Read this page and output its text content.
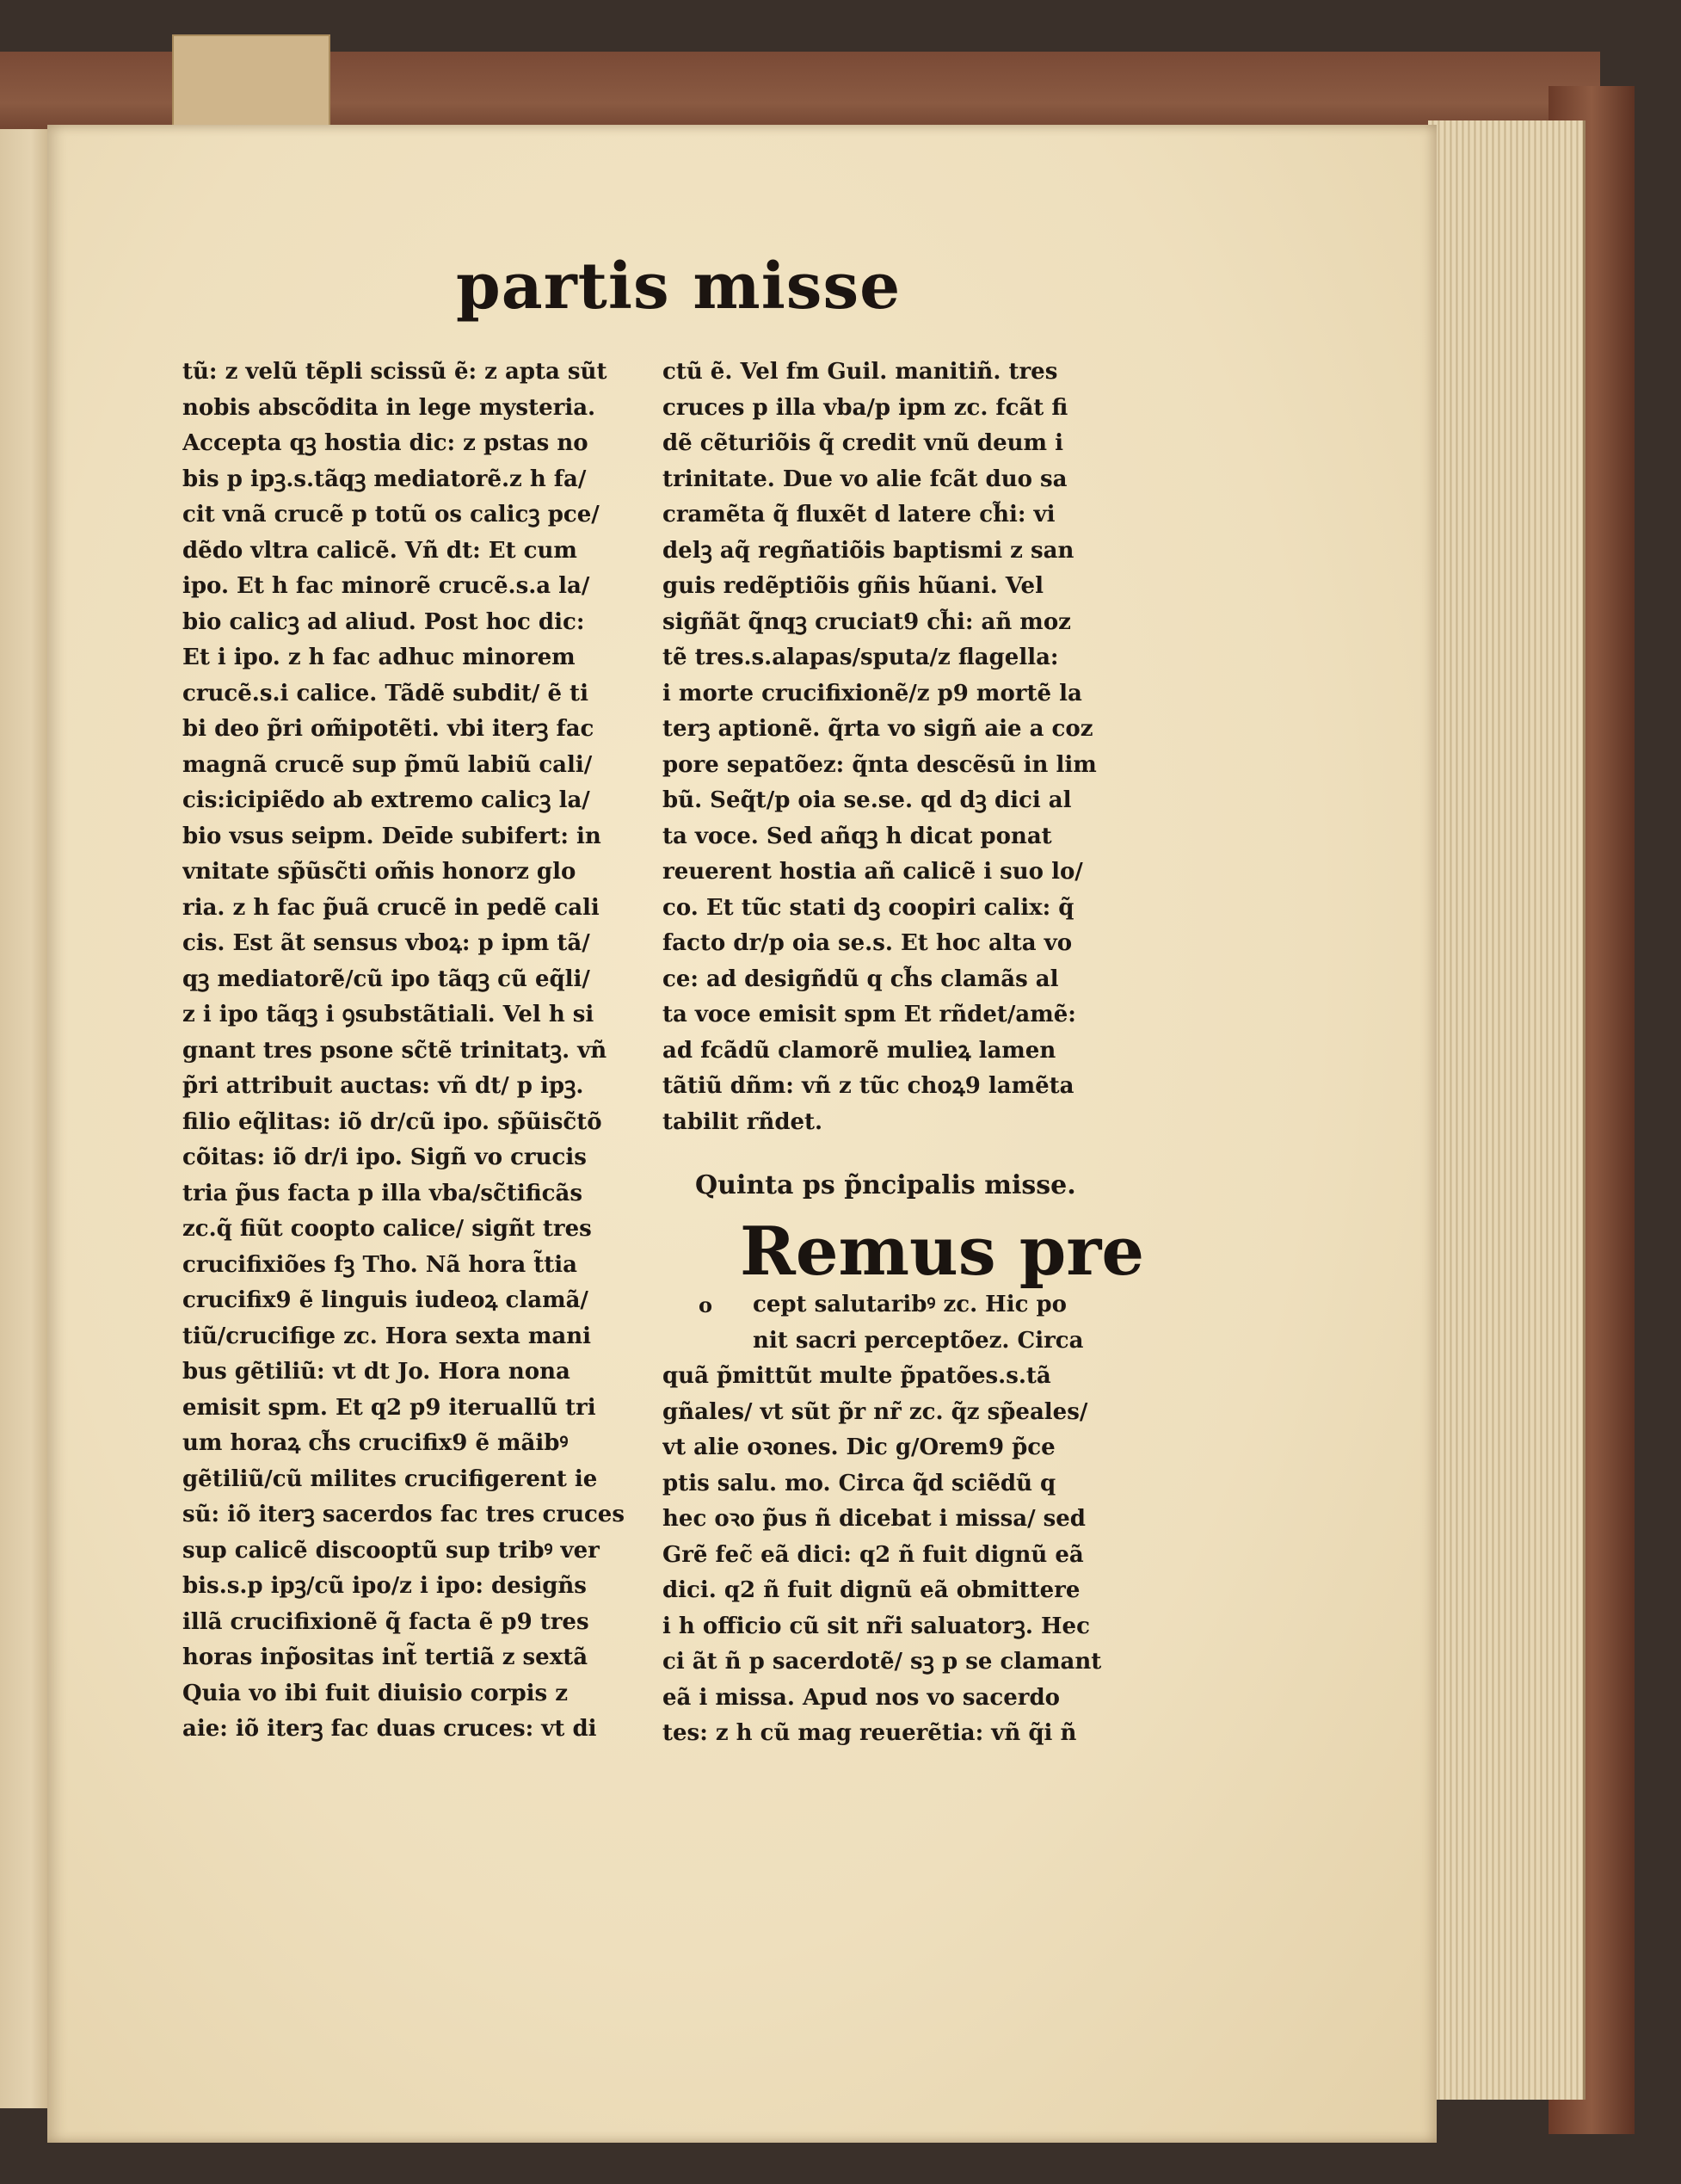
partis misse
tũ: z velũ tẽpli scissũ ẽ: z apta sũt
nobis abscõdita in lege mysteria.
Accepta qꝫ hostia dic: z pstas no
bis p ipꝫ.s.tãqꝫ mediatorẽ.z h fa/
cit vnã crucẽ p totũ os calicꝫ pce/
dẽdo vltra calicẽ. Vñ dt: Et cum
ipo. Et h fac minorẽ crucẽ.s.a la/
bio calicꝫ ad aliud. Post hoc dic:
Et i ipo. z h fac adhuc minorem
crucẽ.s.i calice. Tãdẽ subdit/ ẽ ti
bi deo p̃ri om̃ipotẽti. vbi iterꝫ fac
magnã crucẽ sup p̃mũ labiũ cali/
cis:icipiẽdo ab extremo calicꝫ la/
bio vsus seipm. Deīde subifert: in
vnitate sp̃ũsc̃ti om̃is honorz glo
ria. z h fac p̃uã crucẽ in pedẽ cali
cis. Est ãt sensus vboꝝ: p ipm tã/
qꝫ mediatorẽ/cũ ipo tãqꝫ cũ eq̃li/
z i ipo tãqꝫ i ꝯsubstãtiali. Vel h si
gnant tres psone sc̃tẽ trinitatꝫ. vñ
p̃ri attribuit auctas: vñ dt/ p ipꝫ.
filio eq̃litas: iõ dr/cũ ipo. sp̃ũisc̃tõ
cõitas: iõ dr/i ipo. Sigñ vo crucis
tria p̃us facta p illa vba/sc̃tificãs
zc.q̃ fiũt coopto calice/ sigñt tres
crucifixiões fꝫ Tho. Nã hora t̃tia
crucifix9 ẽ linguis iudeoꝝ clamã/
tiũ/crucifige zc. Hora sexta mani
bus gẽtiliũ: vt dt Jo. Hora nona
emisit spm. Et q2 p9 iteruallũ tri
um horaꝝ ch̃s crucifix9 ẽ mãibꝰ
gẽtiliũ/cũ milites crucifigerent ie
sũ: iõ iterꝫ sacerdos fac tres cruces
sup calicẽ discooptũ sup tribꝰ ver
bis.s.p ipꝫ/cũ ipo/z i ipo: desigñs
illã crucifixionẽ q̃ facta ẽ p9 tres
horas inp̃ositas int̃ tertiã z sextã
Quia vo ibi fuit diuisio corpis z
aie: iõ iterꝫ fac duas cruces: vt di
ctũ ẽ. Vel fm Guil. manitiñ. tres
cruces p illa vba/p ipm zc. fcãt fi
dẽ cẽturiõis q̃ credit vnũ deum i
trinitate. Due vo alie fcãt duo sa
cramẽta q̃ fluxẽt d latere ch̃i: vi
delꝫ aq̃ regñatiõis baptismi z san
guis redẽptiõis gñis hũani. Vel
sigñãt q̃nqꝫ cruciat9 ch̃i: añ moz
tẽ tres.s.alapas/sputa/z flagella:
i morte crucifixionẽ/z p9 mortẽ la
terꝫ aptionẽ. q̃rta vo sigñ aie a coz
pore sepatõez: q̃nta descẽsũ in lim
bũ. Seq̃t/p oia se.se. qd dꝫ dici al
ta voce. Sed añqꝫ h dicat ponat
reuerent hostia añ calicẽ i suo lo/
co. Et tũc stati dꝫ coopiri calix: q̃
facto dr/p oia se.s. Et hoc alta vo
ce: ad desigñdũ q ch̃s clamãs al
ta voce emisit spm Et rñdet/amẽ:
ad fcãdũ clamorẽ mulieꝝ lamen
tãtiũ dñm: vñ z tũc choꝝ9 lamẽta
tabilit rñdet.
Quinta ps p̃ncipalis misse.
Remus pre
o	cept salutaribꝰ zc. Hic po
nit sacri perceptõez. Circa
quã p̃mittũt multe p̃patões.s.tã
gñales/ vt sũt p̃r nr̃ zc. q̃z sp̃eales/
vt alie oꝛones. Dic g/Orem9 p̃ce
ptis salu. mo. Circa q̃d sciẽdũ q
hec oꝛo p̃us ñ dicebat i missa/ sed
Grẽ fec̃ eã dici: q2 ñ fuit dignũ eã
dici. q2 ñ fuit dignũ eã obmittere
i h officio cũ sit nr̃i saluatorꝫ. Hec
ci ãt ñ p sacerdotẽ/ sꝫ p se clamant
eã i missa. Apud nos vo sacerdo
tes: z h cũ mag reuerẽtia: vñ q̃i ñ
